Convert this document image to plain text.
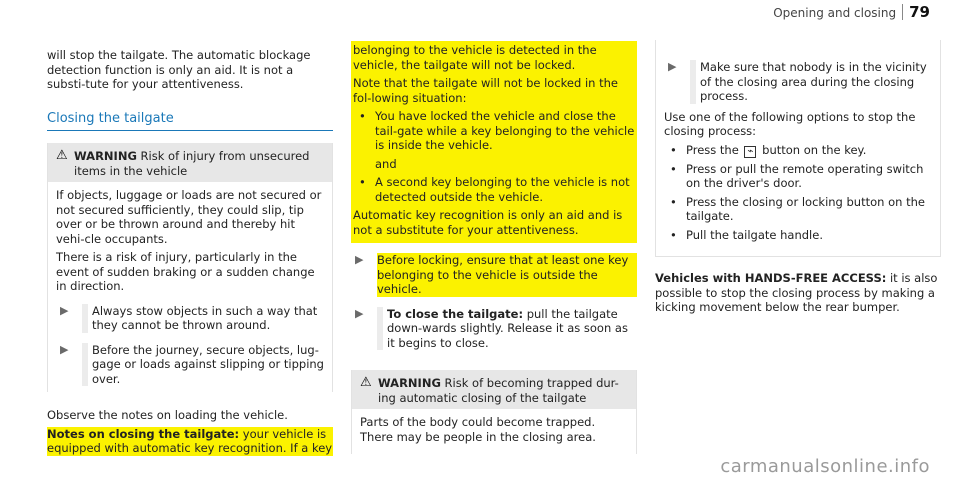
Opening and closing 79

will stop the tailgate. The automatic blockage detection function is only an aid. It is not a substi-tute for your attentiveness.

Closing the tailgate
⚠ WARNING Risk of injury from unsecured items in the vehicle

If objects, luggage or loads are not secured or not secured sufficiently, they could slip, tip over or be thrown around and thereby hit vehi-cle occupants.

There is a risk of injury, particularly in the event of sudden braking or a sudden change in direction.

▶	Always stow objects in such a way that they cannot be thrown around.
▶	Before the journey, secure objects, lug-gage or loads against slipping or tipping over.

Observe the notes on loading the vehicle.

Notes on closing the tailgate: your vehicle is equipped with automatic key recognition. If a key

belonging to the vehicle is detected in the vehicle, the tailgate will not be locked.

Note that the tailgate will not be locked in the fol-lowing situation:

• You have locked the vehicle and close the tail-gate while a key belonging to the vehicle is inside the vehicle.
and
• A second key belonging to the vehicle is not detected outside the vehicle.

Automatic key recognition is only an aid and is not a substitute for your attentiveness.

▶	Before locking, ensure that at least one key belonging to the vehicle is outside the vehicle.
▶	To close the tailgate: pull the tailgate down-wards slightly. Release it as soon as it begins to close.
⚠ WARNING Risk of becoming trapped dur-ing automatic closing of the tailgate

Parts of the body could become trapped. There may be people in the closing area.

▶	Make sure that nobody is in the vicinity of the closing area during the closing process.

Use one of the following options to stop the closing process:

• Press the ⌁ button on the key.
• Press or pull the remote operating switch on the driver's door.
• Press the closing or locking button on the tailgate.
• Pull the tailgate handle.

Vehicles with HANDS-FREE ACCESS: it is also possible to stop the closing process by making a kicking movement below the rear bumper.

carmanualsonline.info
